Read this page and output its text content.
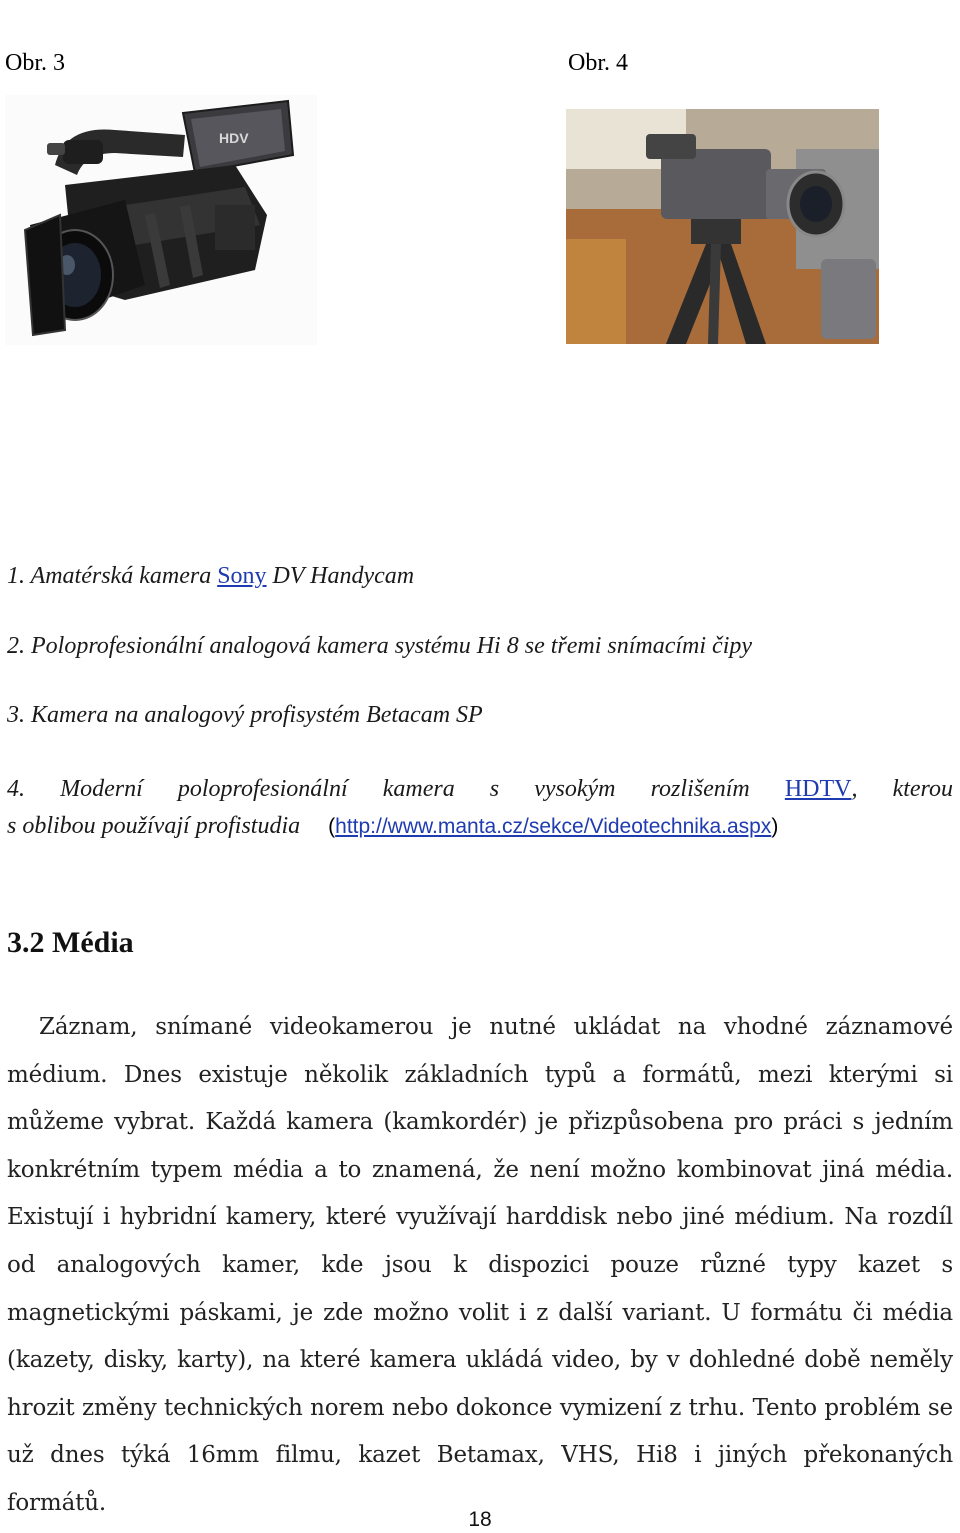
Obr. 3	Obr. 4
HDV
1. Amatérská kamera Sony DV Handycam
2. Poloprofesionální analogová kamera systému Hi 8 se třemi snímacími čipy
3. Kamera na analogový profisystém Betacam SP
4. Moderní poloprofesionální kamera s vysokým rozlišením HDTV, kterou
s oblibou používají profistudia (http://www.manta.cz/sekce/Videotechnika.aspx)
3.2 Média
Záznam, snímané videokamerou je nutné ukládat na vhodné záznamové médium. Dnes existuje několik základních typů a formátů, mezi kterými si můžeme vybrat. Každá kamera (kamkordér) je přizpůsobena pro práci s jedním konkrétním typem média a to znamená, že není možno kombinovat jiná média. Existují i hybridní kamery, které využívají harddisk nebo jiné médium. Na rozdíl od analogových kamer, kde jsou k dispozici pouze různé typy kazet s magnetickými páskami, je zde možno volit i z další variant. U formátu či média (kazety, disky, karty), na které kamera ukládá video, by v dohledné době neměly hrozit změny technických norem nebo dokonce vymizení z trhu. Tento problém se už dnes týká 16mm filmu, kazet Betamax, VHS, Hi8 i jiných překonaných formátů.
18
